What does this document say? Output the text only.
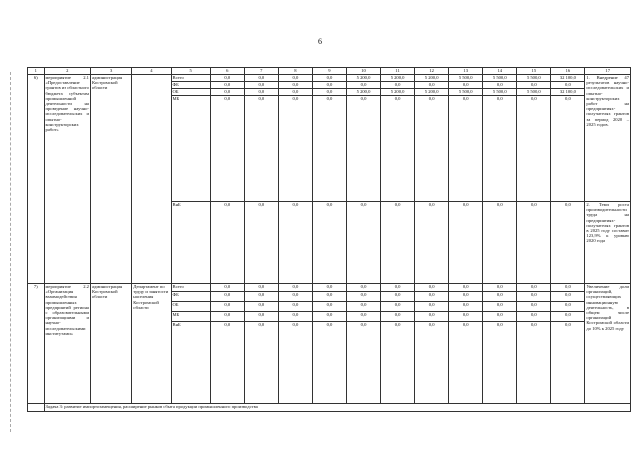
6
1	2	3	4	5	6	7	8	9	10	11	12	13	14	15	16	17
6)	мероприятие 2.1 «Предоставление грантов из областного бюджета субъектам промышленной деятельности на проведение научно-исследовательских и опытно-конструкторских работ»	администрация Костромской области		Всего	0,0	0,0	0,0	0,0	5 200,0	5 200,0	5 200,0	5 500,0	5 500,0	5 500,0	32 100,0	1. Внедрение 47 результатов научно-исследовательских и опытно-конструкторских работ на предприятиях-получателях грантов за период 2020 – 2025 годов.
				ФБ	0,0	0,0	0,0	0,0	0,0	0,0	0,0	0,0	0,0	0,0	0,0	
				ОБ	0,0	0,0	0,0	0,0	5 200,0	5 200,0	5 200,0	5 500,0	5 500,0	5 500,0	32 100,0	
				МБ	0,0	0,0	0,0	0,0	0,0	0,0	0,0	0,0	0,0	0,0	0,0	
				ВнБ	0,0	0,0	0,0	0,0	0,0	0,0	0,0	0,0	0,0	0,0	0,0	2. Темп роста производительности труда на предприятиях-получателях грантов в 2025 году составит 123,9% к уровню 2020 года
7)	мероприятие 2.2 «Организация взаимодействия промышленных предприятий региона с образовательными организациями и научно-исследовательскими институтами»	администрация Костромской области	Департамент по труду и занятости населения Костромской области	Всего	0,0	0,0	0,0	0,0	0,0	0,0	0,0	0,0	0,0	0,0	0,0	Увеличение доли организаций, осуществляющих инновационную деятельность, в общем числе организаций Костромской области до 10% к 2025 году
				ФБ	0,0	0,0	0,0	0,0	0,0	0,0	0,0	0,0	0,0	0,0	0,0	
				ОБ	0,0	0,0	0,0	0,0	0,0	0,0	0,0	0,0	0,0	0,0	0,0	
				МБ	0,0	0,0	0,0	0,0	0,0	0,0	0,0	0,0	0,0	0,0	0,0	
				ВнБ	0,0	0,0	0,0	0,0	0,0	0,0	0,0	0,0	0,0	0,0	0,0	
	Задача 3: развитие импортозамещения, расширение рынков сбыта продукции промышленного производства															
